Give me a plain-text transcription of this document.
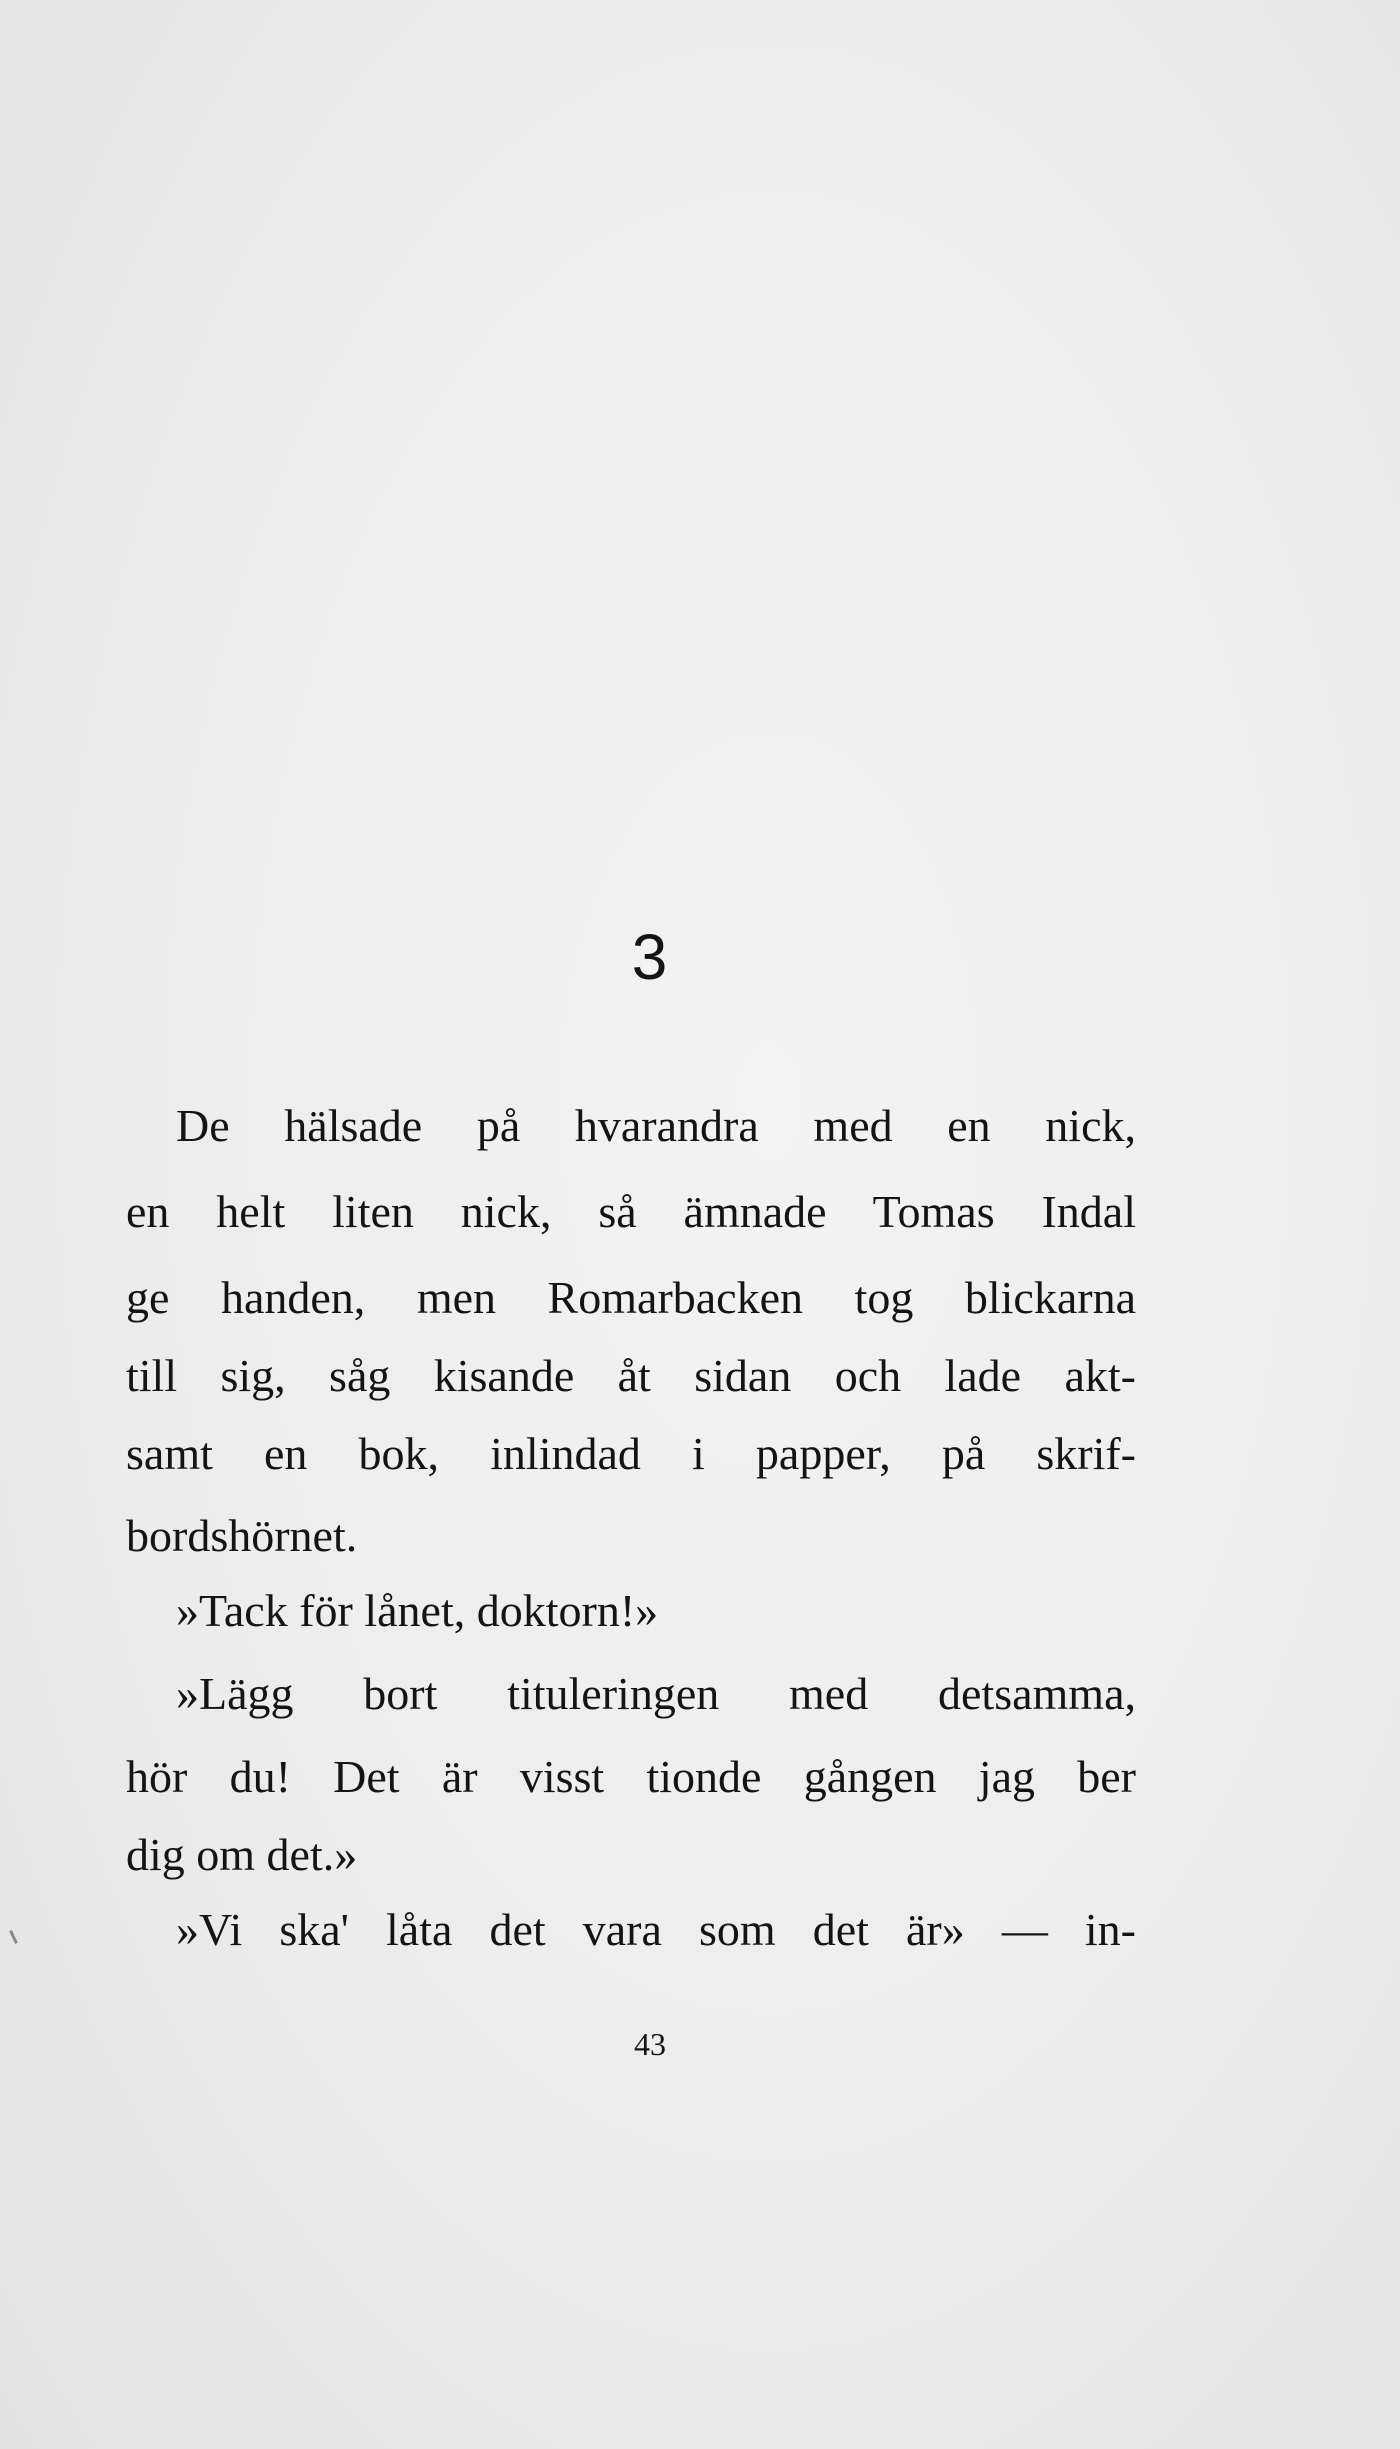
3
De hälsade på hvarandra med en nick,
en helt liten nick, så ämnade Tomas Indal
ge handen, men Romarbacken tog blickarna
till sig, såg kisande åt sidan och lade akt-
samt en bok, inlindad i papper, på skrif-
bordshörnet.
»Tack för lånet, doktorn!»
»Lägg bort tituleringen med detsamma,
hör du! Det är visst tionde gången jag ber
dig om det.»
»Vi ska' låta det vara som det är» — in-
43
